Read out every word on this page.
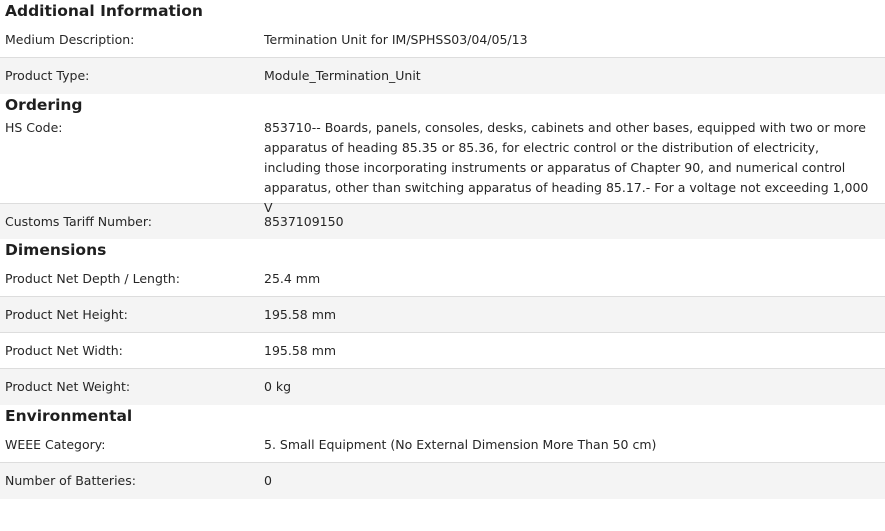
Additional Information
Medium Description:	Termination Unit for IM/SPHSS03/04/05/13
Product Type:	Module_Termination_Unit
Ordering
HS Code:	853710-- Boards, panels, consoles, desks, cabinets and other bases, equipped with two or more apparatus of heading 85.35 or 85.36, for electric control or the distribution of electricity, including those incorporating instruments or apparatus of Chapter 90, and numerical control apparatus, other than switching apparatus of heading 85.17.- For a voltage not exceeding 1,000 V
Customs Tariff Number:	8537109150
Dimensions
Product Net Depth / Length:	25.4 mm
Product Net Height:	195.58 mm
Product Net Width:	195.58 mm
Product Net Weight:	0 kg
Environmental
WEEE Category:	5. Small Equipment (No External Dimension More Than 50 cm)
Number of Batteries:	0
